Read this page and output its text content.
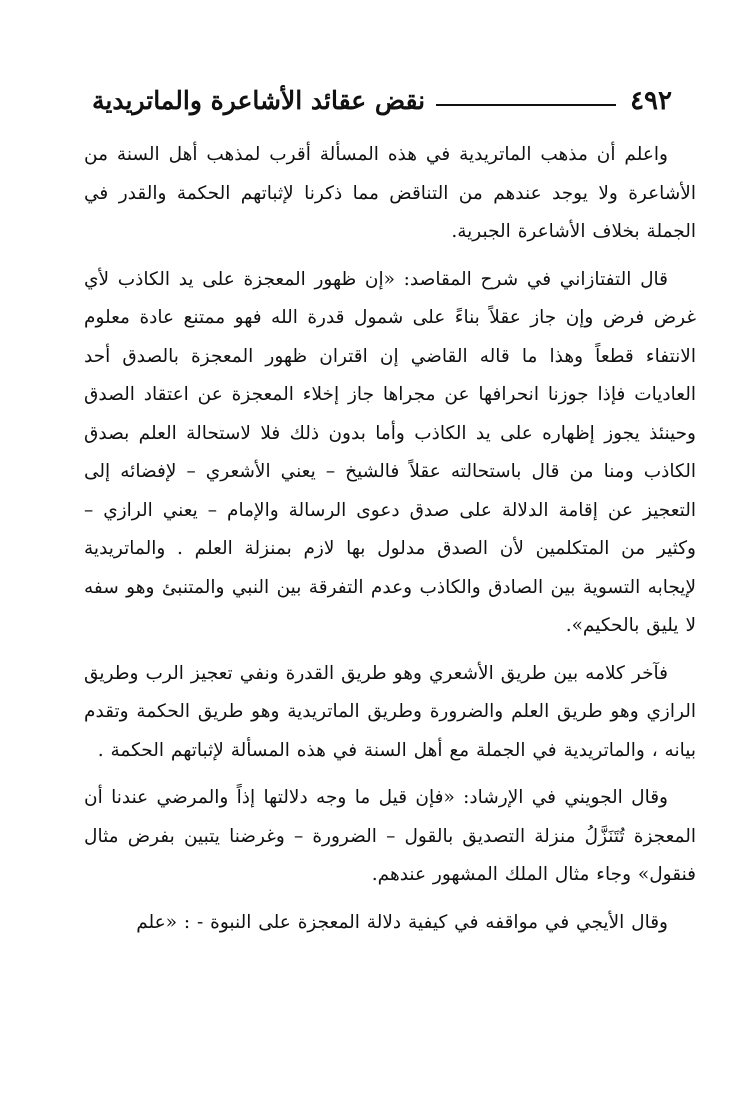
٤٩٢
نقض عقائد الأشاعرة والماتريدية

واعلم أن مذهب الماتريدية في هذه المسألة أقرب لمذهب أهل السنة من الأشاعرة ولا يوجد عندهم من التناقض مما ذكرنا لإثباتهم الحكمة والقدر في الجملة بخلاف الأشاعرة الجبرية.

قال التفتازاني في شرح المقاصد: «إن ظهور المعجزة على يد الكاذب لأي غرض فرض وإن جاز عقلاً بناءً على شمول قدرة الله فهو ممتنع عادة معلوم الانتفاء قطعاً وهذا ما قاله القاضي إن اقتران ظهور المعجزة بالصدق أحد العاديات فإذا جوزنا انحرافها عن مجراها جاز إخلاء المعجزة عن اعتقاد الصدق وحينئذ يجوز إظهاره على يد الكاذب وأما بدون ذلك فلا لاستحالة العلم بصدق الكاذب ومنا من قال باستحالته عقلاً فالشيخ – يعني الأشعري – لإفضائه إلى التعجيز عن إقامة الدلالة على صدق دعوى الرسالة والإمام – يعني الرازي – وكثير من المتكلمين لأن الصدق مدلول بها لازم بمنزلة العلم . والماتريدية لإيجابه التسوية بين الصادق والكاذب وعدم التفرقة بين النبي والمتنبئ وهو سفه لا يليق بالحكيم».

فآخر كلامه بين طريق الأشعري وهو طريق القدرة ونفي تعجيز الرب وطريق الرازي وهو طريق العلم والضرورة وطريق الماتريدية وهو طريق الحكمة وتقدم بيانه ، والماتريدية في الجملة مع أهل السنة في هذه المسألة لإثباتهم الحكمة .

وقال الجويني في الإرشاد: «فإن قيل ما وجه دلالتها إذاً والمرضي عندنا أن المعجزة تُتَنَزَّلُ منزلة التصديق بالقول – الضرورة – وغرضنا يتبين بفرض مثال فنقول» وجاء مثال الملك المشهور عندهم.

وقال الأيجي في مواقفه في كيفية دلالة المعجزة على النبوة - : «علم
